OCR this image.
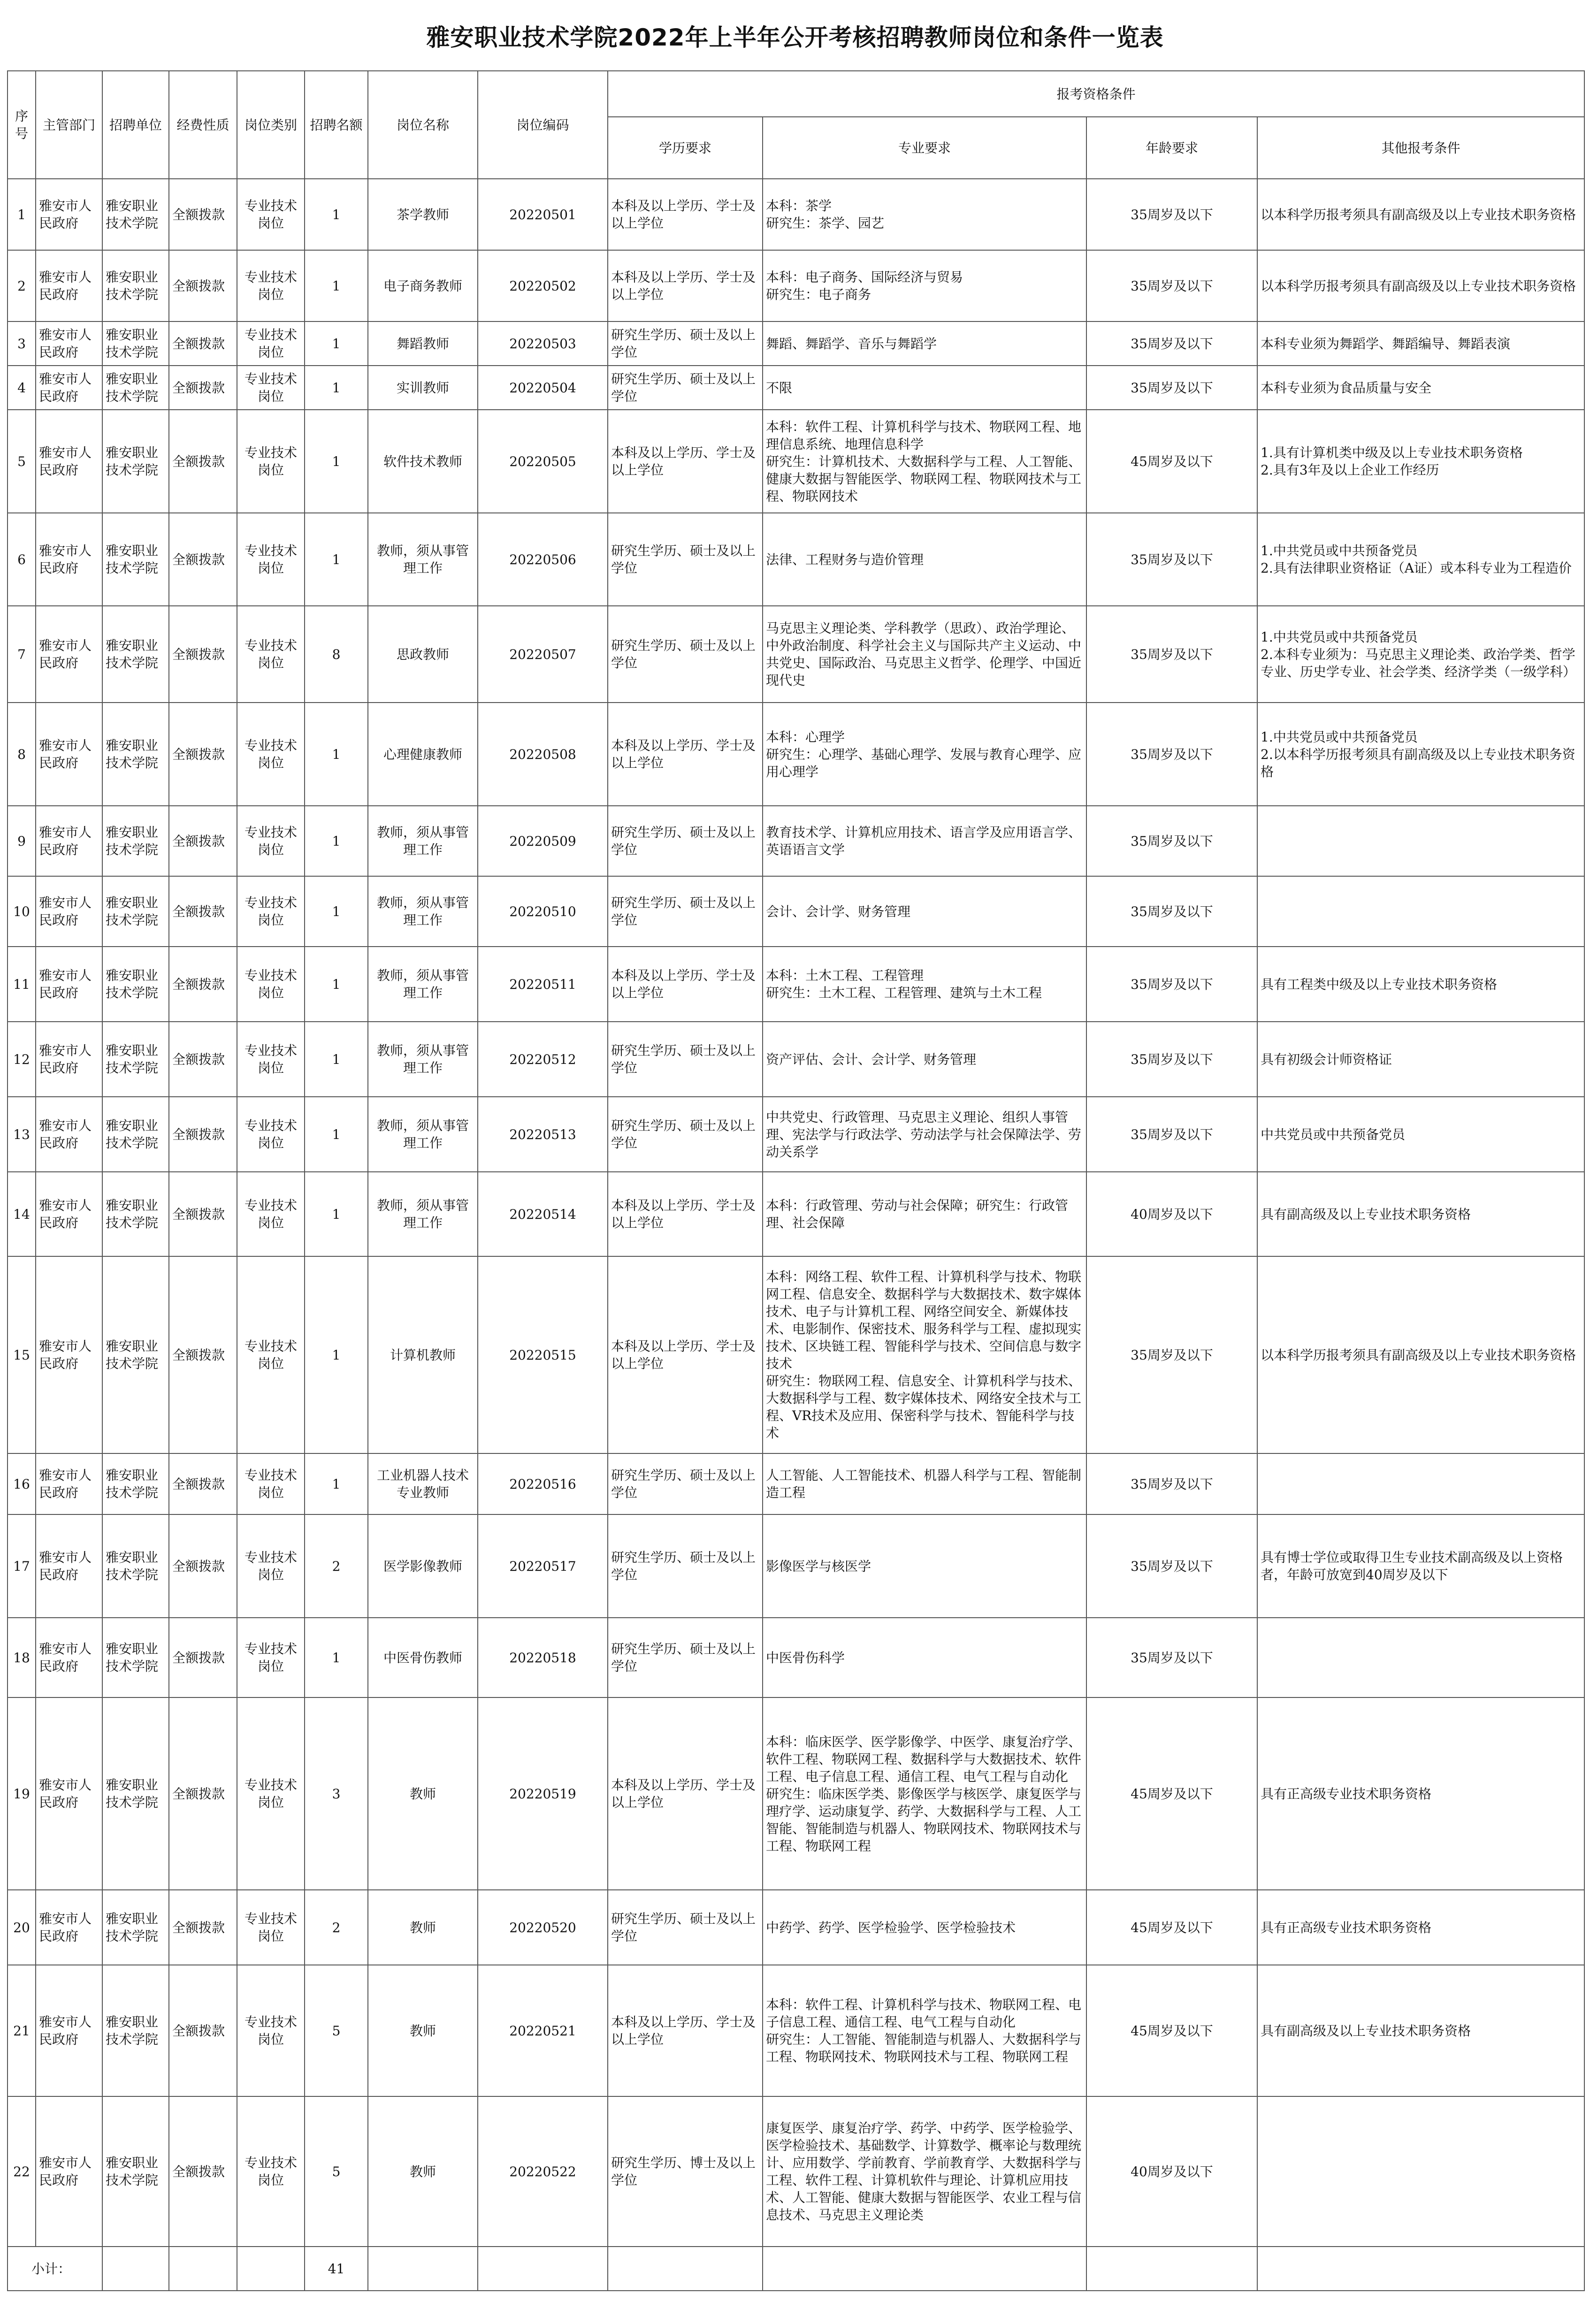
雅安职业技术学院2022年上半年公开考核招聘教师岗位和条件一览表
序号	主管部门	招聘单位	经费性质	岗位类别	招聘名额	岗位名称	岗位编码	报考资格条件			
								学历要求	专业要求	年龄要求	其他报考条件
1	雅安市人民政府	雅安职业技术学院	全额拨款	专业技术岗位	1	茶学教师	20220501	本科及以上学历、学士及以上学位	本科：茶学
研究生：茶学、园艺	35周岁及以下	以本科学历报考须具有副高级及以上专业技术职务资格
2	雅安市人民政府	雅安职业技术学院	全额拨款	专业技术岗位	1	电子商务教师	20220502	本科及以上学历、学士及以上学位	本科：电子商务、国际经济与贸易
研究生：电子商务	35周岁及以下	以本科学历报考须具有副高级及以上专业技术职务资格
3	雅安市人民政府	雅安职业技术学院	全额拨款	专业技术岗位	1	舞蹈教师	20220503	研究生学历、硕士及以上学位	舞蹈、舞蹈学、音乐与舞蹈学	35周岁及以下	本科专业须为舞蹈学、舞蹈编导、舞蹈表演
4	雅安市人民政府	雅安职业技术学院	全额拨款	专业技术岗位	1	实训教师	20220504	研究生学历、硕士及以上学位	不限	35周岁及以下	本科专业须为食品质量与安全
5	雅安市人民政府	雅安职业技术学院	全额拨款	专业技术岗位	1	软件技术教师	20220505	本科及以上学历、学士及以上学位	本科：软件工程、计算机科学与技术、物联网工程、地理信息系统、地理信息科学
研究生：计算机技术、大数据科学与工程、人工智能、健康大数据与智能医学、物联网工程、物联网技术与工程、物联网技术	45周岁及以下	1.具有计算机类中级及以上专业技术职务资格
2.具有3年及以上企业工作经历
6	雅安市人民政府	雅安职业技术学院	全额拨款	专业技术岗位	1	教师，须从事管理工作	20220506	研究生学历、硕士及以上学位	法律、工程财务与造价管理	35周岁及以下	1.中共党员或中共预备党员
2.具有法律职业资格证（A证）或本科专业为工程造价
7	雅安市人民政府	雅安职业技术学院	全额拨款	专业技术岗位	8	思政教师	20220507	研究生学历、硕士及以上学位	马克思主义理论类、学科教学（思政）、政治学理论、中外政治制度、科学社会主义与国际共产主义运动、中共党史、国际政治、马克思主义哲学、伦理学、中国近现代史	35周岁及以下	1.中共党员或中共预备党员
2.本科专业须为：马克思主义理论类、政治学类、哲学专业、历史学专业、社会学类、经济学类（一级学科）
8	雅安市人民政府	雅安职业技术学院	全额拨款	专业技术岗位	1	心理健康教师	20220508	本科及以上学历、学士及以上学位	本科：心理学
研究生：心理学、基础心理学、发展与教育心理学、应用心理学	35周岁及以下	1.中共党员或中共预备党员
2.以本科学历报考须具有副高级及以上专业技术职务资格
9	雅安市人民政府	雅安职业技术学院	全额拨款	专业技术岗位	1	教师，须从事管理工作	20220509	研究生学历、硕士及以上学位	教育技术学、计算机应用技术、语言学及应用语言学、英语语言文学	35周岁及以下	
10	雅安市人民政府	雅安职业技术学院	全额拨款	专业技术岗位	1	教师，须从事管理工作	20220510	研究生学历、硕士及以上学位	会计、会计学、财务管理	35周岁及以下	
11	雅安市人民政府	雅安职业技术学院	全额拨款	专业技术岗位	1	教师，须从事管理工作	20220511	本科及以上学历、学士及以上学位	本科：土木工程、工程管理
研究生：土木工程、工程管理、建筑与土木工程	35周岁及以下	具有工程类中级及以上专业技术职务资格
12	雅安市人民政府	雅安职业技术学院	全额拨款	专业技术岗位	1	教师，须从事管理工作	20220512	研究生学历、硕士及以上学位	资产评估、会计、会计学、财务管理	35周岁及以下	具有初级会计师资格证
13	雅安市人民政府	雅安职业技术学院	全额拨款	专业技术岗位	1	教师，须从事管理工作	20220513	研究生学历、硕士及以上学位	中共党史、行政管理、马克思主义理论、组织人事管理、宪法学与行政法学、劳动法学与社会保障法学、劳动关系学	35周岁及以下	中共党员或中共预备党员
14	雅安市人民政府	雅安职业技术学院	全额拨款	专业技术岗位	1	教师，须从事管理工作	20220514	本科及以上学历、学士及以上学位	本科：行政管理、劳动与社会保障；研究生：行政管理、社会保障	40周岁及以下	具有副高级及以上专业技术职务资格
15	雅安市人民政府	雅安职业技术学院	全额拨款	专业技术岗位	1	计算机教师	20220515	本科及以上学历、学士及以上学位	本科：网络工程、软件工程、计算机科学与技术、物联网工程、信息安全、数据科学与大数据技术、数字媒体技术、电子与计算机工程、网络空间安全、新媒体技术、电影制作、保密技术、服务科学与工程、虚拟现实技术、区块链工程、智能科学与技术、空间信息与数字技术
研究生：物联网工程、信息安全、计算机科学与技术、大数据科学与工程、数字媒体技术、网络安全技术与工程、VR技术及应用、保密科学与技术、智能科学与技术	35周岁及以下	以本科学历报考须具有副高级及以上专业技术职务资格
16	雅安市人民政府	雅安职业技术学院	全额拨款	专业技术岗位	1	工业机器人技术专业教师	20220516	研究生学历、硕士及以上学位	人工智能、人工智能技术、机器人科学与工程、智能制造工程	35周岁及以下	
17	雅安市人民政府	雅安职业技术学院	全额拨款	专业技术岗位	2	医学影像教师	20220517	研究生学历、硕士及以上学位	影像医学与核医学	35周岁及以下	具有博士学位或取得卫生专业技术副高级及以上资格者，年龄可放宽到40周岁及以下
18	雅安市人民政府	雅安职业技术学院	全额拨款	专业技术岗位	1	中医骨伤教师	20220518	研究生学历、硕士及以上学位	中医骨伤科学	35周岁及以下	
19	雅安市人民政府	雅安职业技术学院	全额拨款	专业技术岗位	3	教师	20220519	本科及以上学历、学士及以上学位	本科：临床医学、医学影像学、中医学、康复治疗学、软件工程、物联网工程、数据科学与大数据技术、软件工程、电子信息工程、通信工程、电气工程与自动化
研究生：临床医学类、影像医学与核医学、康复医学与理疗学、运动康复学、药学、大数据科学与工程、人工智能、智能制造与机器人、物联网技术、物联网技术与工程、物联网工程	45周岁及以下	具有正高级专业技术职务资格
20	雅安市人民政府	雅安职业技术学院	全额拨款	专业技术岗位	2	教师	20220520	研究生学历、硕士及以上学位	中药学、药学、医学检验学、医学检验技术	45周岁及以下	具有正高级专业技术职务资格
21	雅安市人民政府	雅安职业技术学院	全额拨款	专业技术岗位	5	教师	20220521	本科及以上学历、学士及以上学位	本科：软件工程、计算机科学与技术、物联网工程、电子信息工程、通信工程、电气工程与自动化
研究生：人工智能、智能制造与机器人、大数据科学与工程、物联网技术、物联网技术与工程、物联网工程	45周岁及以下	具有副高级及以上专业技术职务资格
22	雅安市人民政府	雅安职业技术学院	全额拨款	专业技术岗位	5	教师	20220522	研究生学历、博士及以上学位	康复医学、康复治疗学、药学、中药学、医学检验学、医学检验技术、基础数学、计算数学、概率论与数理统计、应用数学、学前教育、学前教育学、大数据科学与工程、软件工程、计算机软件与理论、计算机应用技术、人工智能、健康大数据与智能医学、农业工程与信息技术、马克思主义理论类	40周岁及以下	
小计：					41						
